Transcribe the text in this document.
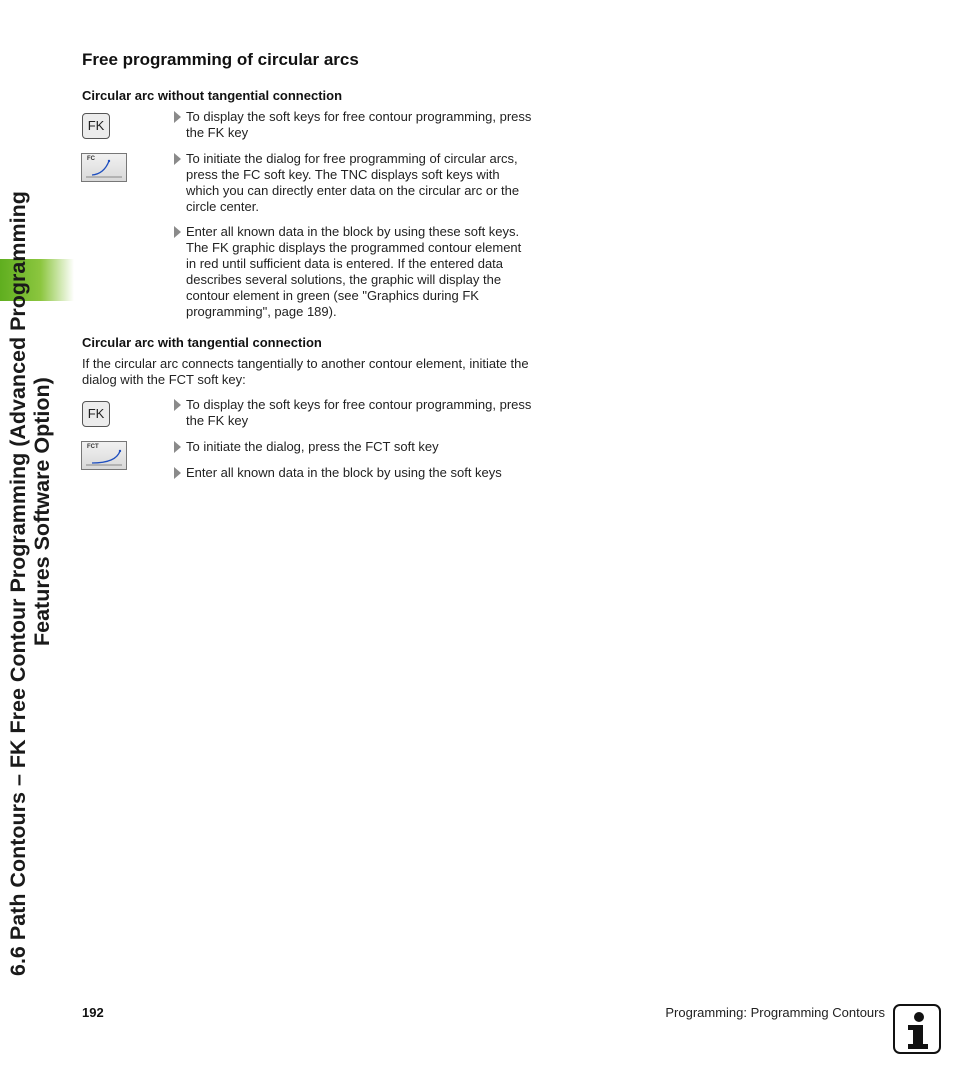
6.6 Path Contours – FK Free Contour Programming (Advanced Programming Features Software Option)
Free programming of circular arcs
Circular arc without tangential connection
FK
To display the soft keys for free contour programming, press the FK key
FC	To initiate the dialog for free programming of circular arcs, press the FC soft key. The TNC displays soft keys with which you can directly enter data on the circular arc or the circle center.
Enter all known data in the block by using these soft keys. The FK graphic displays the programmed contour element in red until sufficient data is entered. If the entered data describes several solutions, the graphic will display the contour element in green (see "Graphics during FK programming", page 189).
Circular arc with tangential connection
If the circular arc connects tangentially to another contour element, initiate the dialog with the FCT soft key:
FK
To display the soft keys for free contour programming, press the FK key
FCT	To initiate the dialog, press the FCT soft key
Enter all known data in the block by using the soft keys
192	Programming: Programming Contours
